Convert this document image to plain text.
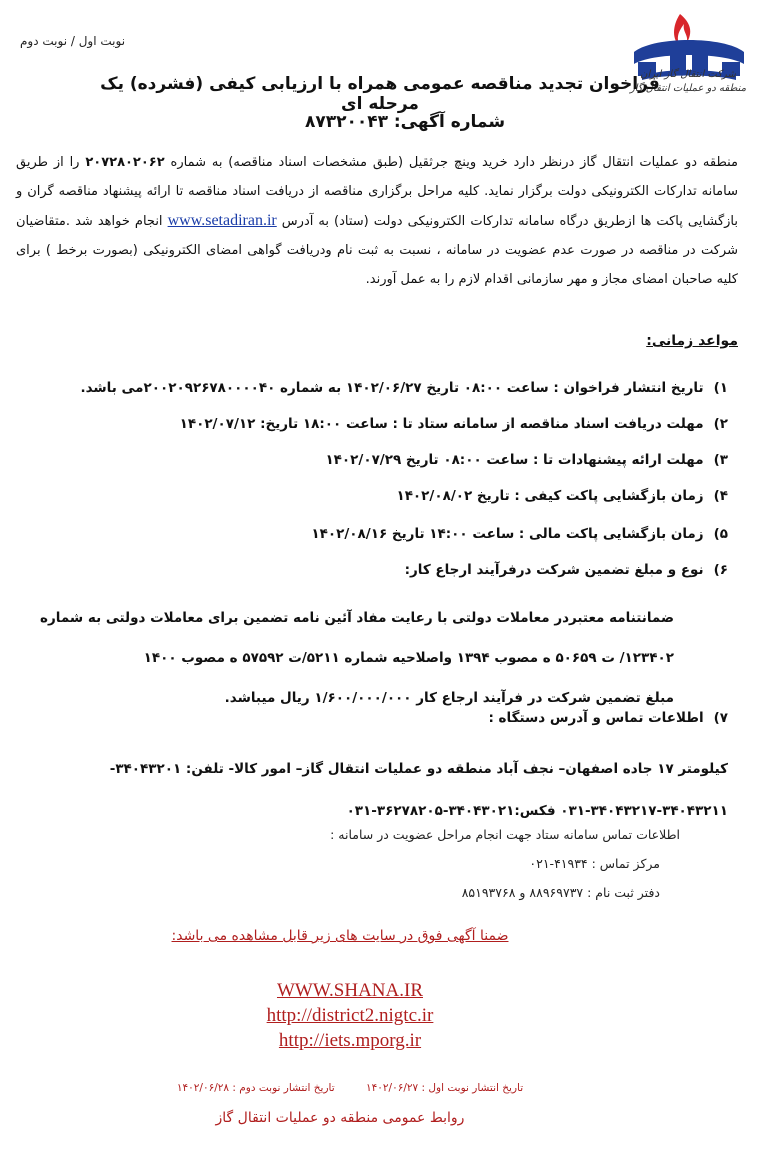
نوبت اول / نوبت دوم
شرکت انتقال گاز ایران
منطقه دو عملیات انتقال گاز
فراخوان تجدید مناقصه عمومی همراه با ارزیابی کیفی (فشرده) یک مرحله ای
شماره آگهی: ۸۷۳۲۰۰۴۳
منطقه دو عملیات انتقال گاز درنظر دارد خرید وینچ جرثقیل (طبق مشخصات اسناد مناقصه) به شماره ۲۰۷۲۸۰۲۰۶۲ را از طریق سامانه تدارکات الکترونیکی دولت برگزار نماید. کلیه مراحل برگزاری مناقصه از دریافت اسناد مناقصه تا ارائه پیشنهاد مناقصه گران و بازگشایی پاکت ها ازطریق درگاه سامانه تدارکات الکترونیکی دولت (ستاد) به آدرس www.setadiran.ir انجام خواهد شد .متقاضیان شرکت در مناقصه در صورت عدم عضویت در سامانه ، نسبت به ثبت نام ودریافت گواهی امضای الکترونیکی (بصورت برخط ) برای کلیه صاحبان امضای مجاز و مهر سازمانی اقدام لازم را به عمل آورند.
مواعد زمانی:
۱)تاریخ انتشار فراخوان : ساعت ۰۸:۰۰ تاریخ ۱۴۰۲/۰۶/۲۷ به شماره ۲۰۰۲۰۹۲۶۷۸۰۰۰۰۴۰می باشد.
۲)مهلت دریافت اسناد مناقصه از سامانه ستاد تا : ساعت ۱۸:۰۰ تاریخ: ۱۴۰۲/۰۷/۱۲
۳)مهلت ارائه پیشنهادات تا : ساعت ۰۸:۰۰ تاریخ ۱۴۰۲/۰۷/۲۹
۴)زمان بازگشایی پاکت کیفی : تاریخ ۱۴۰۲/۰۸/۰۲
۵)زمان بازگشایی پاکت مالی : ساعت ۱۴:۰۰ تاریخ ۱۴۰۲/۰۸/۱۶
۶)نوع و مبلغ تضمین شرکت درفرآیند ارجاع کار:
۷)اطلاعات تماس و آدرس دستگاه :
ضمانتنامه معتبردر معاملات دولتی با رعایت مفاد آئین نامه تضمین برای معاملات دولتی به شماره
۱۲۳۴۰۲/ ت ۵۰۶۵۹ ه مصوب ۱۳۹۴ واصلاحیه شماره ۵۲۱۱/ت ۵۷۵۹۲ ه مصوب ۱۴۰۰
مبلغ تضمین شرکت در فرآیند ارجاع کار ۱/۶۰۰/۰۰۰/۰۰۰ ریال میباشد.
کیلومتر ۱۷ جاده اصفهان– نجف آباد منطقه دو عملیات انتقال گاز– امور کالا- تلفن: ۳۴۰۴۳۲۰۱-
۰۳۱-۳۴۰۴۳۲۱۷-۳۴۰۴۳۲۱۱ فکس:۳۴۰۴۳۰۲۱-۳۶۲۷۸۲۰۵-۰۳۱
اطلاعات تماس سامانه ستاد جهت انجام مراحل عضویت در سامانه :
مرکز تماس : ۴۱۹۳۴-۰۲۱
دفتر ثبت نام : ۸۸۹۶۹۷۳۷ و ۸۵۱۹۳۷۶۸
ضمنا آگهی فوق در سایت های زیر قابل مشاهده می باشد:
WWW.SHANA.IR
http://district2.nigtc.ir
http://iets.mporg.ir
تاریخ انتشار نوبت اول : ۱۴۰۲/۰۶/۲۷ تاریخ انتشار نوبت دوم : ۱۴۰۲/۰۶/۲۸
روابط عمومی منطقه دو عملیات انتقال گاز
